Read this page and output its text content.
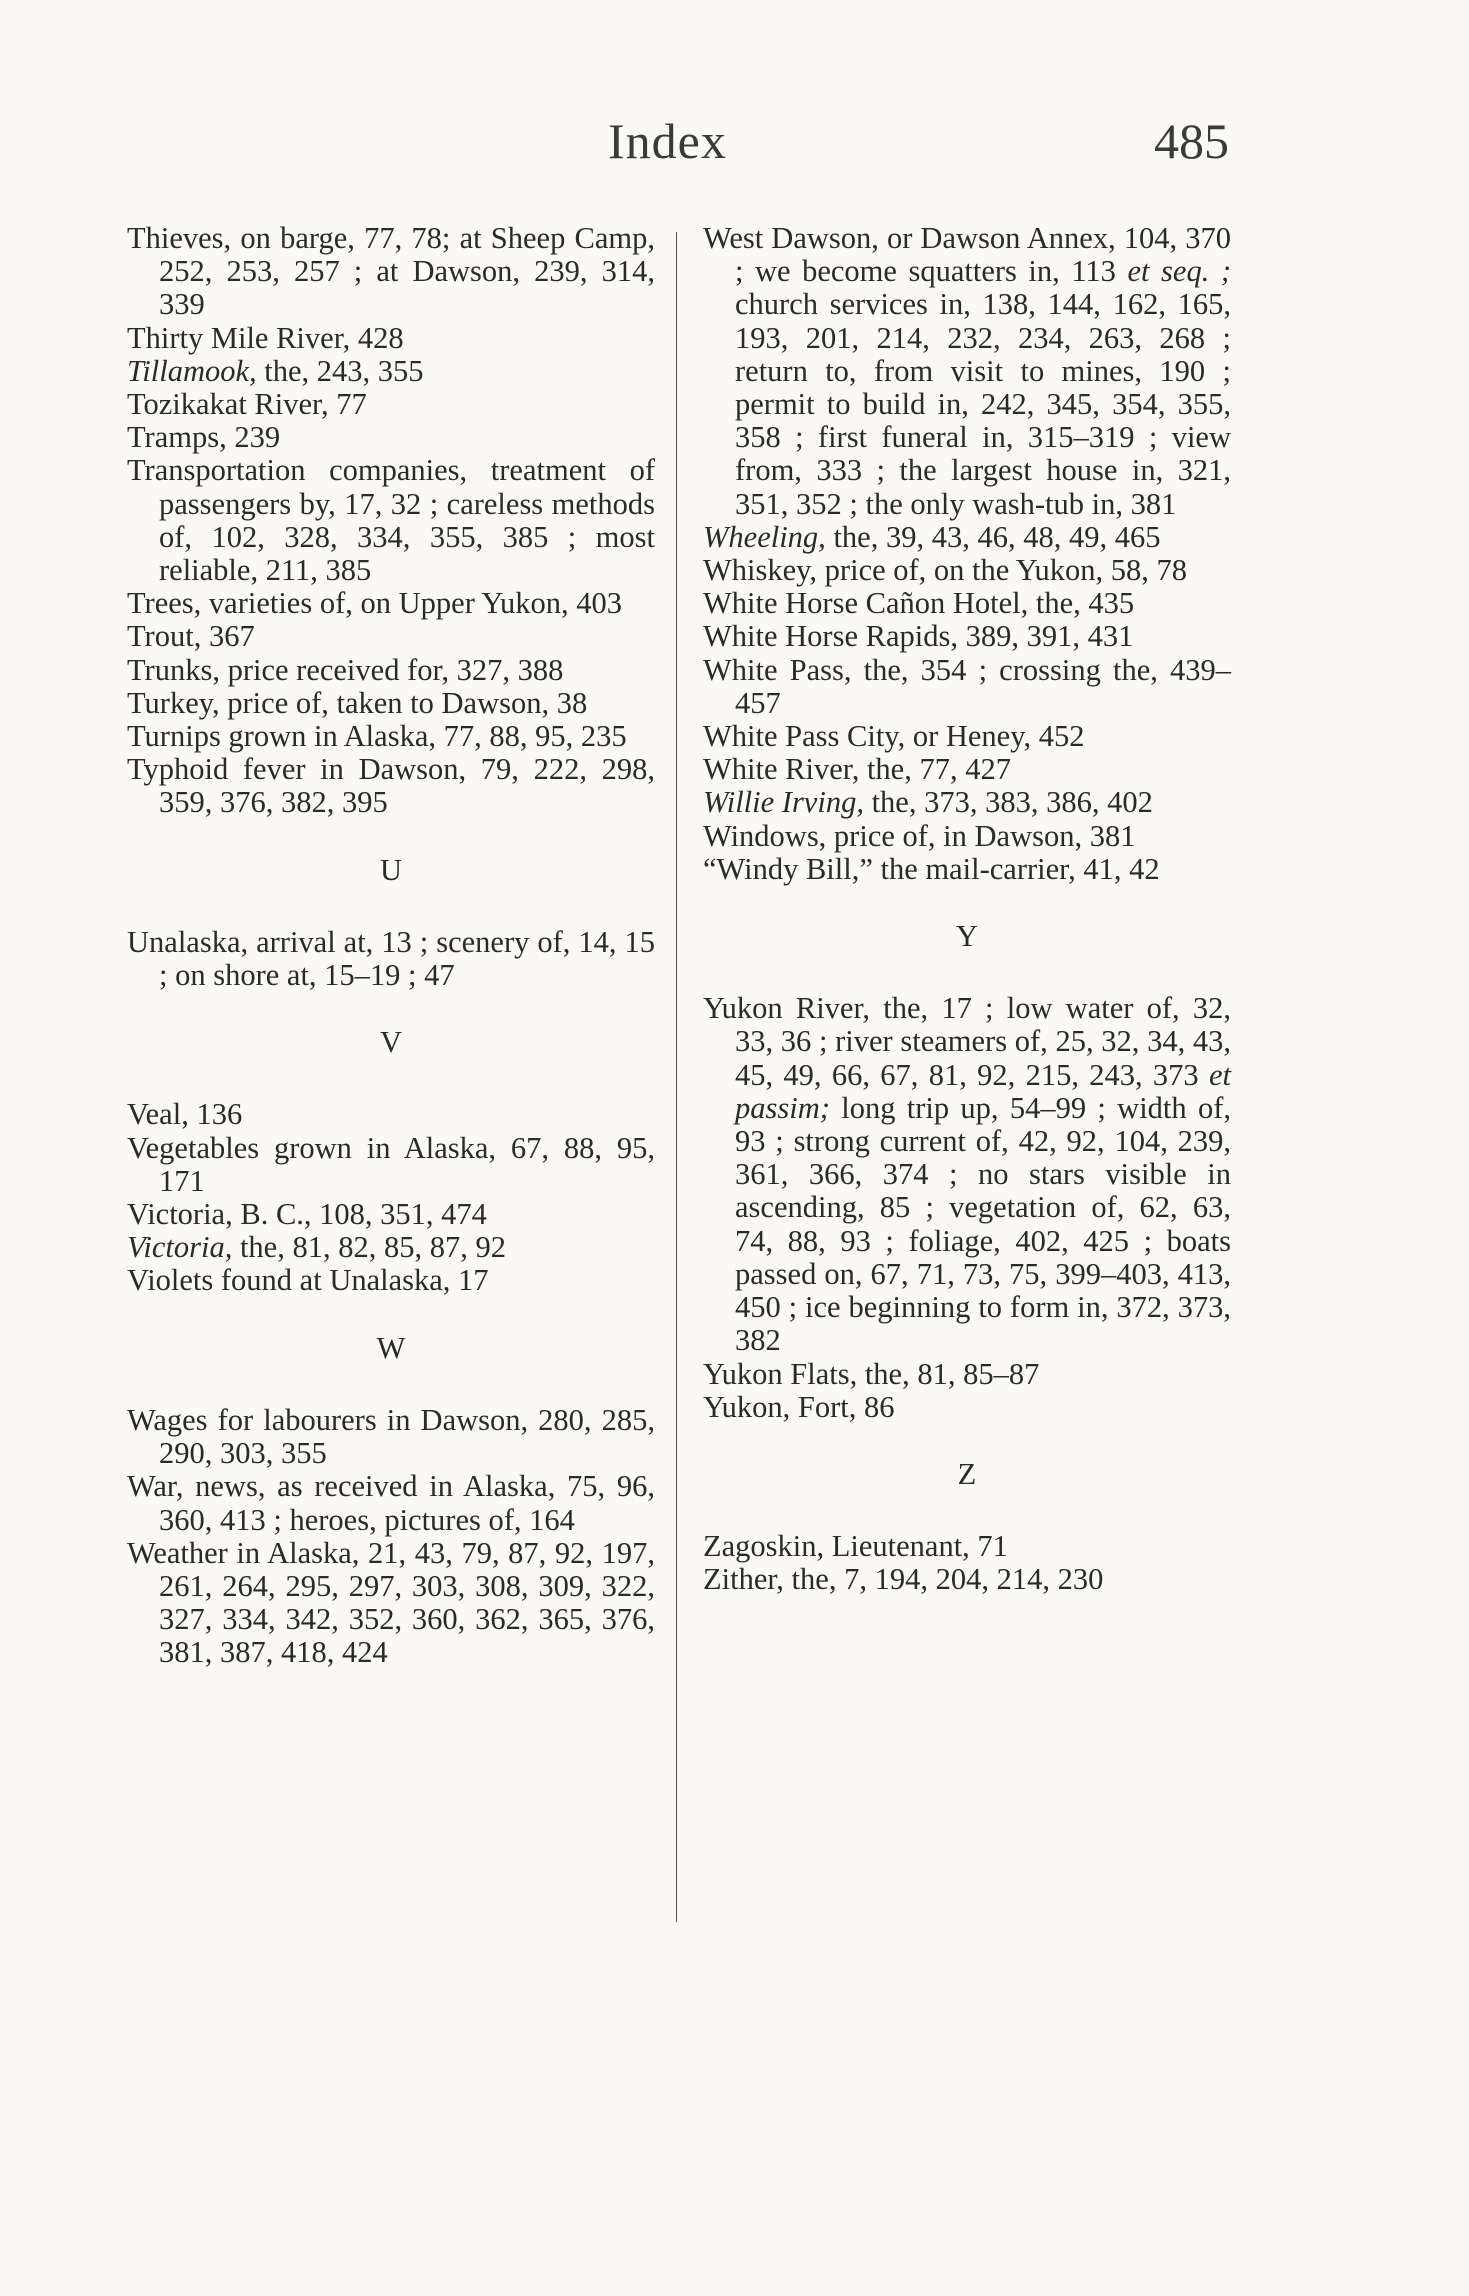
Index	485
Thieves, on barge, 77, 78; at Sheep Camp, 252, 253, 257 ; at Dawson, 239, 314, 339
Thirty Mile River, 428
Tillamook, the, 243, 355
Tozikakat River, 77
Tramps, 239
Transportation companies, treatment of passengers by, 17, 32 ; careless methods of, 102, 328, 334, 355, 385 ; most reliable, 211, 385
Trees, varieties of, on Upper Yukon, 403
Trout, 367
Trunks, price received for, 327, 388
Turkey, price of, taken to Dawson, 38
Turnips grown in Alaska, 77, 88, 95, 235
Typhoid fever in Dawson, 79, 222, 298, 359, 376, 382, 395
U
Unalaska, arrival at, 13 ; scenery of, 14, 15 ; on shore at, 15–19 ; 47
V
Veal, 136
Vegetables grown in Alaska, 67, 88, 95, 171
Victoria, B. C., 108, 351, 474
Victoria, the, 81, 82, 85, 87, 92
Violets found at Unalaska, 17
W
Wages for labourers in Dawson, 280, 285, 290, 303, 355
War, news, as received in Alaska, 75, 96, 360, 413 ; heroes, pictures of, 164
Weather in Alaska, 21, 43, 79, 87, 92, 197, 261, 264, 295, 297, 303, 308, 309, 322, 327, 334, 342, 352, 360, 362, 365, 376, 381, 387, 418, 424
West Dawson, or Dawson Annex, 104, 370 ; we become squatters in, 113 et seq. ; church services in, 138, 144, 162, 165, 193, 201, 214, 232, 234, 263, 268 ; return to, from visit to mines, 190 ; permit to build in, 242, 345, 354, 355, 358 ; first funeral in, 315–319 ; view from, 333 ; the largest house in, 321, 351, 352 ; the only wash-tub in, 381
Wheeling, the, 39, 43, 46, 48, 49, 465
Whiskey, price of, on the Yukon, 58, 78
White Horse Cañon Hotel, the, 435
White Horse Rapids, 389, 391, 431
White Pass, the, 354 ; crossing the, 439–457
White Pass City, or Heney, 452
White River, the, 77, 427
Willie Irving, the, 373, 383, 386, 402
Windows, price of, in Dawson, 381
“Windy Bill,” the mail-carrier, 41, 42
Y
Yukon River, the, 17 ; low water of, 32, 33, 36 ; river steamers of, 25, 32, 34, 43, 45, 49, 66, 67, 81, 92, 215, 243, 373 et passim; long trip up, 54–99 ; width of, 93 ; strong current of, 42, 92, 104, 239, 361, 366, 374 ; no stars visible in ascending, 85 ; vegetation of, 62, 63, 74, 88, 93 ; foliage, 402, 425 ; boats passed on, 67, 71, 73, 75, 399–403, 413, 450 ; ice beginning to form in, 372, 373, 382
Yukon Flats, the, 81, 85–87
Yukon, Fort, 86
Z
Zagoskin, Lieutenant, 71
Zither, the, 7, 194, 204, 214, 230
